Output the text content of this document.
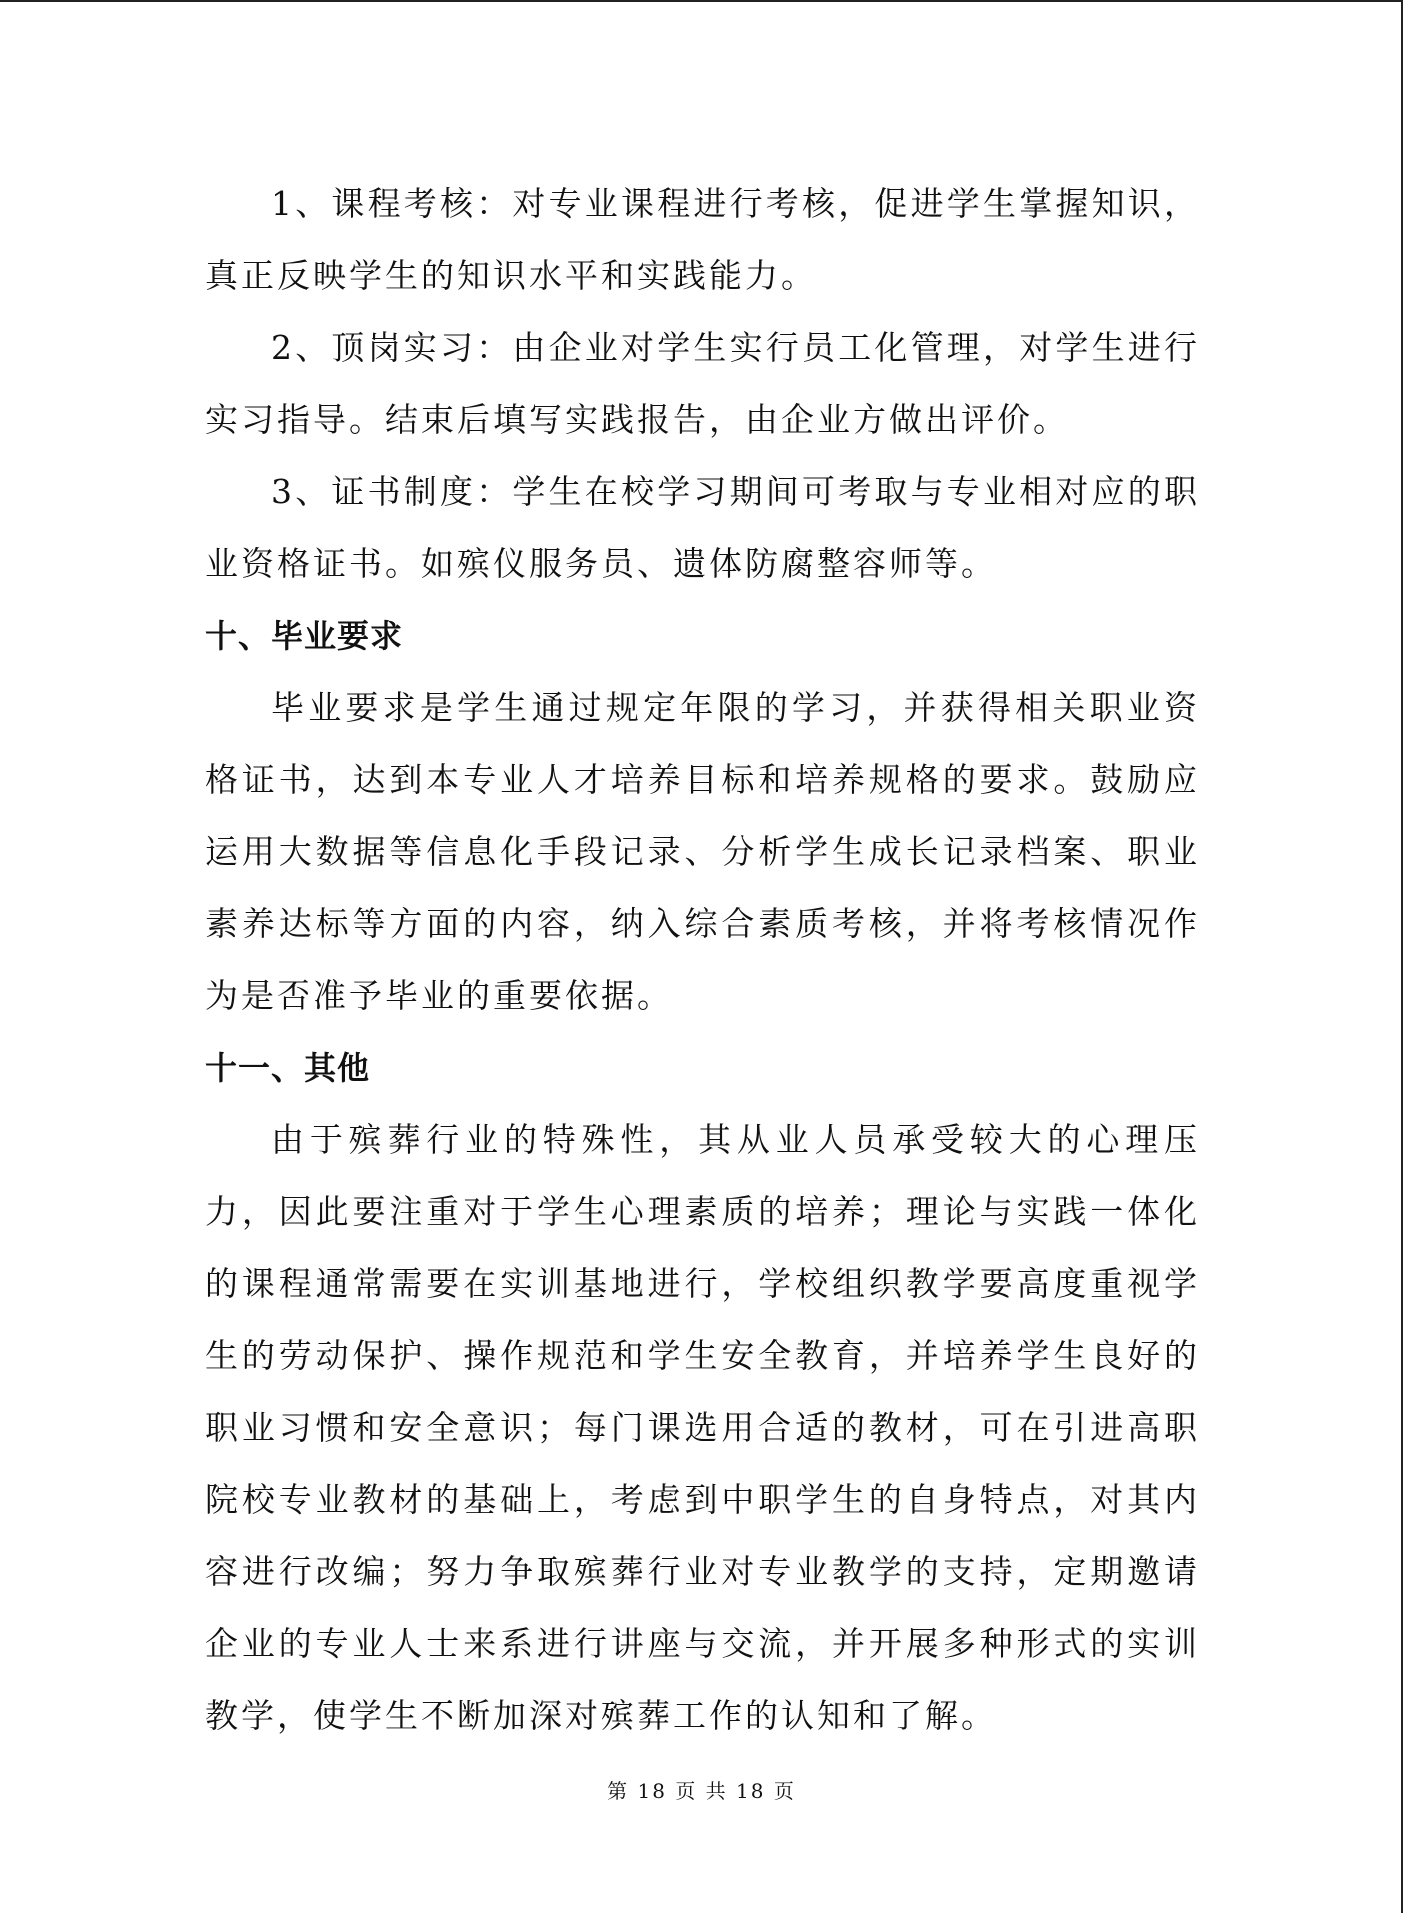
1、课程考核：对专业课程进行考核，促进学生掌握知识，真正反映学生的知识水平和实践能力。

2、顶岗实习：由企业对学生实行员工化管理，对学生进行实习指导。结束后填写实践报告，由企业方做出评价。

3、证书制度：学生在校学习期间可考取与专业相对应的职业资格证书。如殡仪服务员、遗体防腐整容师等。

十、毕业要求

毕业要求是学生通过规定年限的学习，并获得相关职业资格证书，达到本专业人才培养目标和培养规格的要求。鼓励应运用大数据等信息化手段记录、分析学生成长记录档案、职业素养达标等方面的内容，纳入综合素质考核，并将考核情况作为是否准予毕业的重要依据。

十一、其他

由于殡葬行业的特殊性，其从业人员承受较大的心理压力，因此要注重对于学生心理素质的培养；理论与实践一体化的课程通常需要在实训基地进行，学校组织教学要高度重视学生的劳动保护、操作规范和学生安全教育，并培养学生良好的职业习惯和安全意识；每门课选用合适的教材，可在引进高职院校专业教材的基础上，考虑到中职学生的自身特点，对其内容进行改编；努力争取殡葬行业对专业教学的支持，定期邀请企业的专业人士来系进行讲座与交流，并开展多种形式的实训教学，使学生不断加深对殡葬工作的认知和了解。

第 18 页 共 18 页
